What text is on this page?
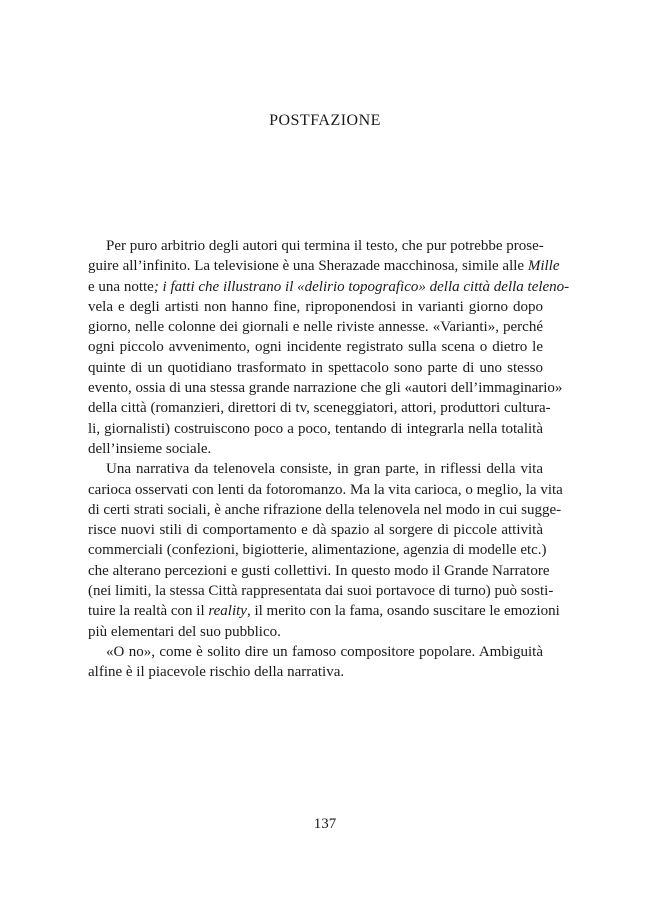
POSTFAZIONE
Per puro arbitrio degli autori qui termina il testo, che pur potrebbe prose-
guire all’infinito. La televisione è una Sherazade macchinosa, simile alle Mille
e una notte; i fatti che illustrano il «delirio topografico» della città della teleno-
vela e degli artisti non hanno fine, riproponendosi in varianti giorno dopo
giorno, nelle colonne dei giornali e nelle riviste annesse. «Varianti», perché
ogni piccolo avvenimento, ogni incidente registrato sulla scena o dietro le
quinte di un quotidiano trasformato in spettacolo sono parte di uno stesso
evento, ossia di una stessa grande narrazione che gli «autori dell’immaginario»
della città (romanzieri, direttori di tv, sceneggiatori, attori, produttori cultura-
li, giornalisti) costruiscono poco a poco, tentando di integrarla nella totalità
dell’insieme sociale.
Una narrativa da telenovela consiste, in gran parte, in riflessi della vita
carioca osservati con lenti da fotoromanzo. Ma la vita carioca, o meglio, la vita
di certi strati sociali, è anche rifrazione della telenovela nel modo in cui sugge-
risce nuovi stili di comportamento e dà spazio al sorgere di piccole attività
commerciali (confezioni, bigiotterie, alimentazione, agenzia di modelle etc.)
che alterano percezioni e gusti collettivi. In questo modo il Grande Narratore
(nei limiti, la stessa Città rappresentata dai suoi portavoce di turno) può sosti-
tuire la realtà con il reality, il merito con la fama, osando suscitare le emozioni
più elementari del suo pubblico.
«O no», come è solito dire un famoso compositore popolare. Ambiguità
alfine è il piacevole rischio della narrativa.
137
